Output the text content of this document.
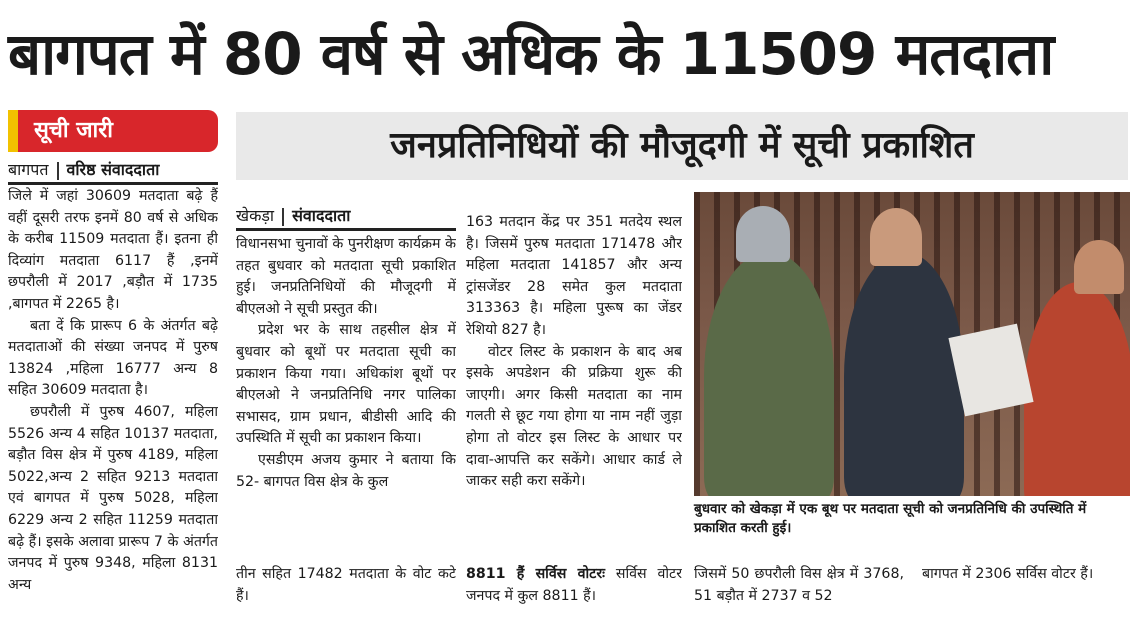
बागपत में 80 वर्ष से अधिक के 11509 मतदाता
सूची जारी
बागपत वरिष्ठ संवाददाता

जिले में जहां 30609 मतदाता बढ़े हैं वहीं दूसरी तरफ इनमें 80 वर्ष से अधिक के करीब 11509 मतदाता हैं। इतना ही दिव्यांग मतदाता 6117 हैं ,इनमें छपरौली में 2017 ,बड़ौत में 1735 ,बागपत में 2265 है।

बता दें कि प्रारूप 6 के अंतर्गत बढ़े मतदाताओं की संख्या जनपद में पुरुष 13824 ,महिला 16777 अन्य 8 सहित 30609 मतदाता है।

छपरौली में पुरुष 4607, महिला 5526 अन्य 4 सहित 10137 मतदाता, बड़ौत विस क्षेत्र में पुरुष 4189, महिला 5022,अन्य 2 सहित 9213 मतदाता एवं बागपत में पुरुष 5028, महिला 6229 अन्य 2 सहित 11259 मतदाता बढ़े हैं। इसके अलावा प्रारूप 7 के अंतर्गत जनपद में पुरुष 9348, महिला 8131 अन्य

जनप्रतिनिधियों की मौजूदगी में सूची प्रकाशित
खेकड़ा संवाददाता

विधानसभा चुनावों के पुनरीक्षण कार्यक्रम के तहत बुधवार को मतदाता सूची प्रकाशित हुई। जनप्रतिनिधियों की मौजूदगी में बीएलओ ने सूची प्रस्तुत की।

प्रदेश भर के साथ तहसील क्षेत्र में बुधवार को बूथों पर मतदाता सूची का प्रकाशन किया गया। अधिकांश बूथों पर बीएलओ ने जनप्रतिनिधि नगर पालिका सभासद, ग्राम प्रधान, बीडीसी आदि की उपस्थिति में सूची का प्रकाशन किया।

एसडीएम अजय कुमार ने बताया कि 52- बागपत विस क्षेत्र के कुल

तीन सहित 17482 मतदाता के वोट कटे हैं।

163 मतदान केंद्र पर 351 मतदेय स्थल है। जिसमें पुरुष मतदाता 171478 और महिला मतदाता 141857 और अन्य ट्रांसजेंडर 28 समेत कुल मतदाता 313363 है। महिला पुरूष का जेंडर रेशियो 827 है।

वोटर लिस्ट के प्रकाशन के बाद अब इसके अपडेशन की प्रक्रिया शुरू की जाएगी। अगर किसी मतदाता का नाम गलती से छूट गया होगा या नाम नहीं जुड़ा होगा तो वोटर इस लिस्ट के आधार पर दावा-आपत्ति कर सकेंगे। आधार कार्ड ले जाकर सही करा सकेंगे।

8811 हैं सर्विस वोटरः सर्विस वोटर जनपद में कुल 8811 हैं।
बुधवार को खेकड़ा में एक बूथ पर मतदाता सूची को जनप्रतिनिधि की उपस्थिति में प्रकाशित करती हुई।
जिसमें 50 छपरौली विस क्षेत्र में 3768, 51 बड़ौत में 2737 व 52
बागपत में 2306 सर्विस वोटर हैं।
